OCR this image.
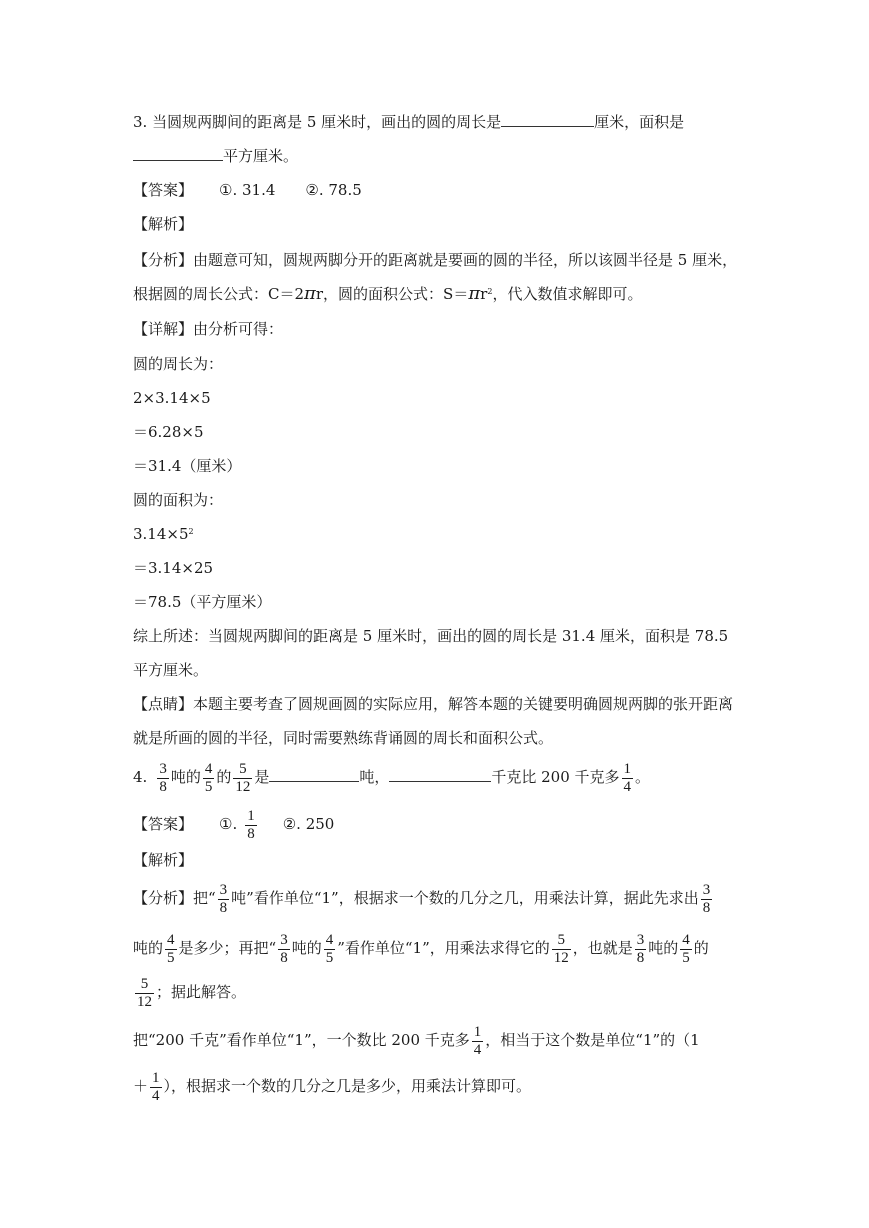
3. 当圆规两脚间的距离是 5 厘米时，画出的圆的周长是	厘米，面积是
平方厘米。
【答案】 ①. 31.4 ②. 78.5
【解析】
【分析】由题意可知，圆规两脚分开的距离就是要画的圆的半径，所以该圆半径是 5 厘米，
根据圆的周长公式：C＝2πr，圆的面积公式：$S=\pi r^2$，代入数值求解即可。
【详解】由分析可得：
圆的周长为：
2×3.14×5
＝6.28×5
＝31.4（厘米）
圆的面积为：
$3.14\times 5^2$
＝3.14×25
＝78.5（平方厘米）
综上所述：当圆规两脚间的距离是 5 厘米时，画出的圆的周长是 31.4 厘米，面积是 78.5
平方厘米。
【点睛】本题主要考查了圆规画圆的实际应用，解答本题的关键要明确圆规两脚的张开距离
就是所画的圆的半径，同时需要熟练背诵圆的周长和面积公式。
4. $\frac{3}{8}$ 吨的 $\frac{4}{5}$ 的 $\frac{5}{12}$ 是	吨，	千克比 200 千克多 $\frac{1}{4}$ 。
【答案】 ①. $\frac{1}{8}$ ②. 250
【解析】
【分析】把“ $\frac{3}{8}$ 吨”看作单位“1”，根据求一个数的几分之几，用乘法计算，据此先求出 $\frac{3}{8}$
吨的 $\frac{4}{5}$ 是多少；再把“ $\frac{3}{8}$ 吨的 $\frac{4}{5}$ ”看作单位“1”，用乘法求得它的 $\frac{5}{12}$ ，也就是 $\frac{3}{8}$ 吨的 $\frac{4}{5}$ 的
$\frac{5}{12}$ ；据此解答。
把“200 千克”看作单位“1”，一个数比 200 千克多 $\frac{1}{4}$ ，相当于这个数是单位“1”的（1
＋ $\frac{1}{4}$ ），根据求一个数的几分之几是多少，用乘法计算即可。
